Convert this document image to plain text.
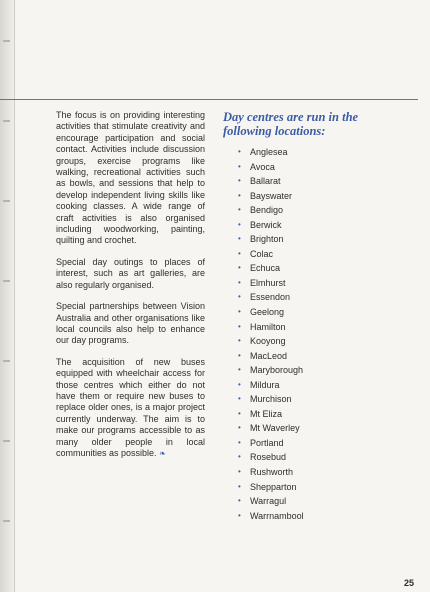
The focus is on providing interesting activities that stimulate creativity and encourage participation and social contact. Activities include discussion groups, exercise programs like walking, recreational activities such as bowls, and sessions that help to develop independent living skills like cooking classes. A wide range of craft activities is also organised including woodworking, painting, quilting and crochet.

Special day outings to places of interest, such as art galleries, are also regularly organised.

Special partnerships between Vision Australia and other organisations like local councils also help to enhance our day programs.

The acquisition of new buses equipped with wheelchair access for those centres which either do not have them or require new buses to replace older ones, is a major project currently underway. The aim is to make our programs accessible to as many older people in local communities as possible. ❧

Day centres are run in the following locations:
• Anglesea
• Avoca
• Ballarat
• Bayswater
• Bendigo
• Berwick
• Brighton
• Colac
• Echuca
• Elmhurst
• Essendon
• Geelong
• Hamilton
• Kooyong
• MacLeod
• Maryborough
• Mildura
• Murchison
• Mt Eliza
• Mt Waverley
• Portland
• Rosebud
• Rushworth
• Shepparton
• Warragul
• Warrnambool
25
